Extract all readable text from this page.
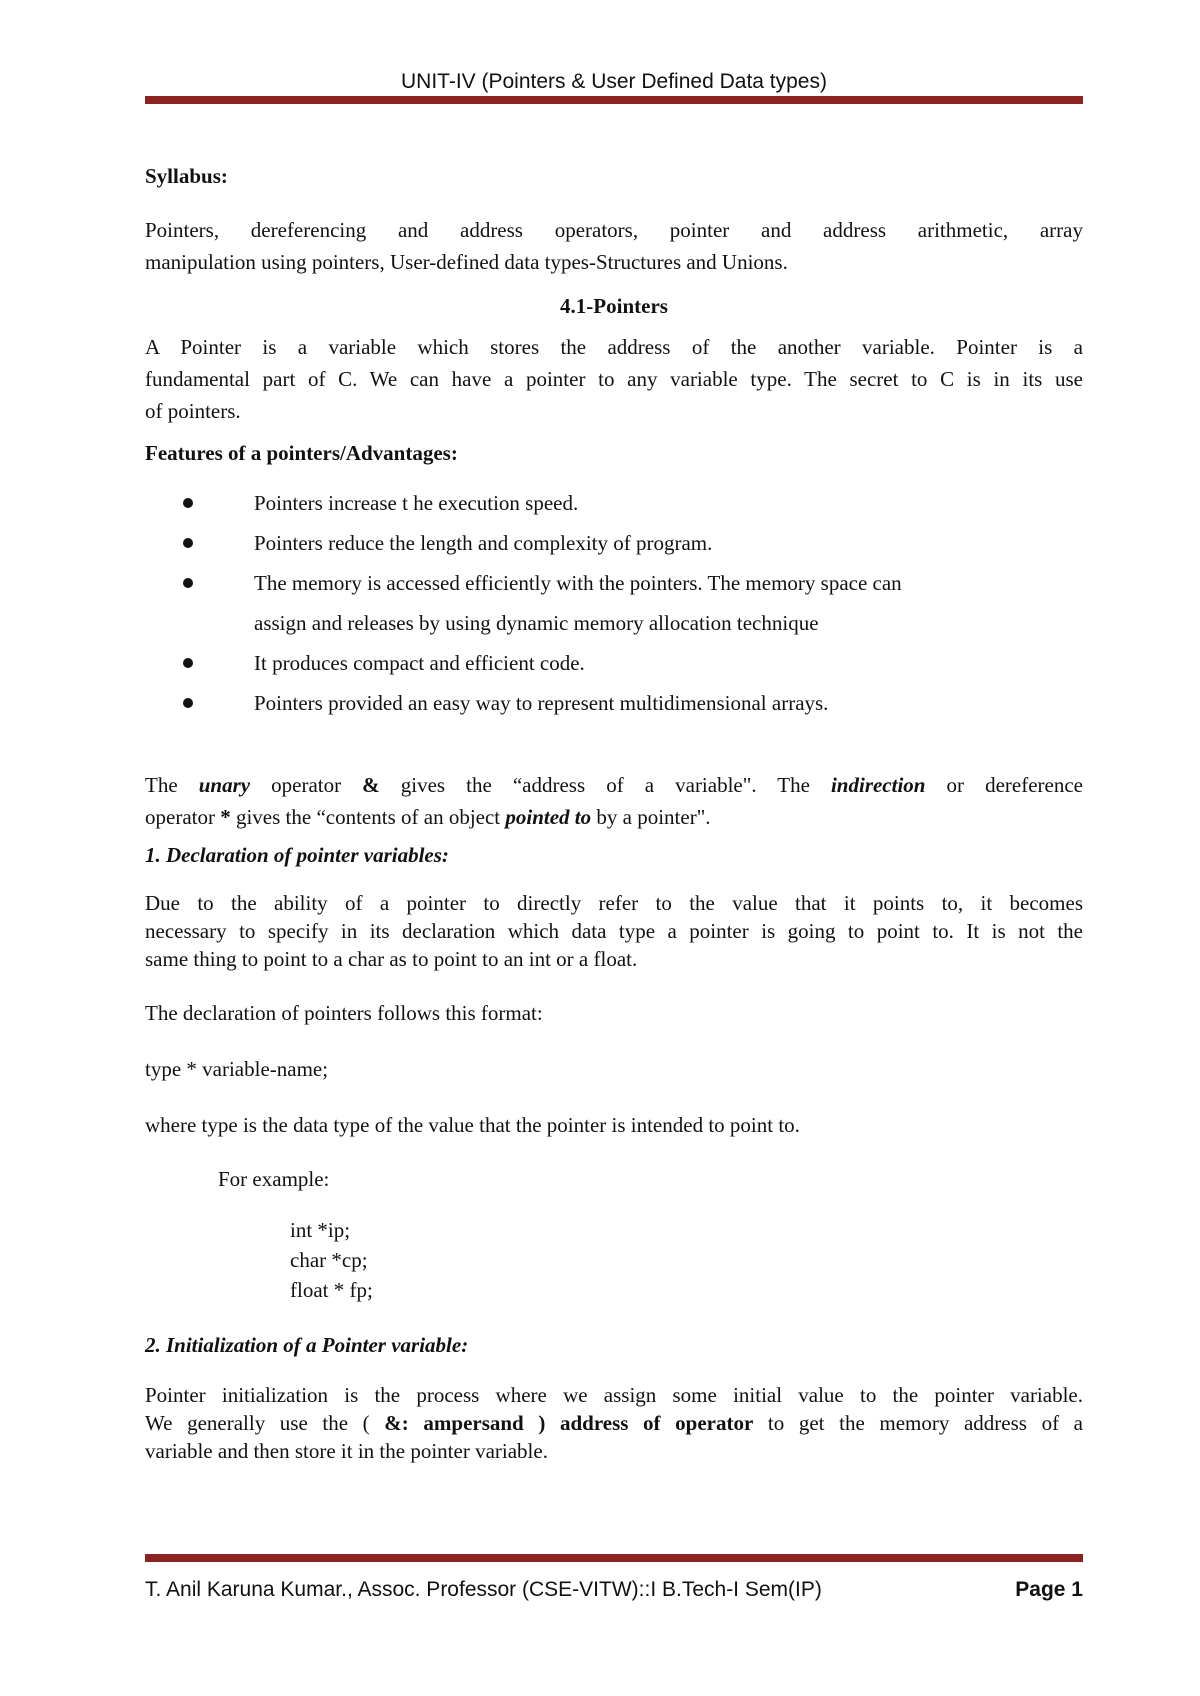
UNIT-IV (Pointers & User Defined Data types)

Syllabus:

Pointers, dereferencing and address operators, pointer and address arithmetic, array

manipulation using pointers, User-defined data types-Structures and Unions.

4.1-Pointers

A Pointer is a variable which stores the address of the another variable. Pointer is a

fundamental part of C. We can have a pointer to any variable type. The secret to C is in its use

of pointers.

Features of a pointers/Advantages:

Pointers increase t he execution speed.
Pointers reduce the length and complexity of program.
The memory is accessed efficiently with the pointers. The memory space can
assign and releases by using dynamic memory allocation technique
It produces compact and efficient code.
Pointers provided an easy way to represent multidimensional arrays.

The unary operator & gives the “address of a variable". The indirection or dereference

operator * gives the “contents of an object pointed to by a pointer".

1. Declaration of pointer variables:

Due to the ability of a pointer to directly refer to the value that it points to, it becomes

necessary to specify in its declaration which data type a pointer is going to point to. It is not the

same thing to point to a char as to point to an int or a float.

The declaration of pointers follows this format:

type * variable-name;

where type is the data type of the value that the pointer is intended to point to.

For example:

int *ip;

char *cp;

float * fp;

2. Initialization of a Pointer variable:

Pointer initialization is the process where we assign some initial value to the pointer variable.

We generally use the ( &: ampersand ) address of operator to get the memory address of a

variable and then store it in the pointer variable.

T. Anil Karuna Kumar., Assoc. Professor (CSE-VITW)::I B.Tech-I Sem(IP)	Page 1
